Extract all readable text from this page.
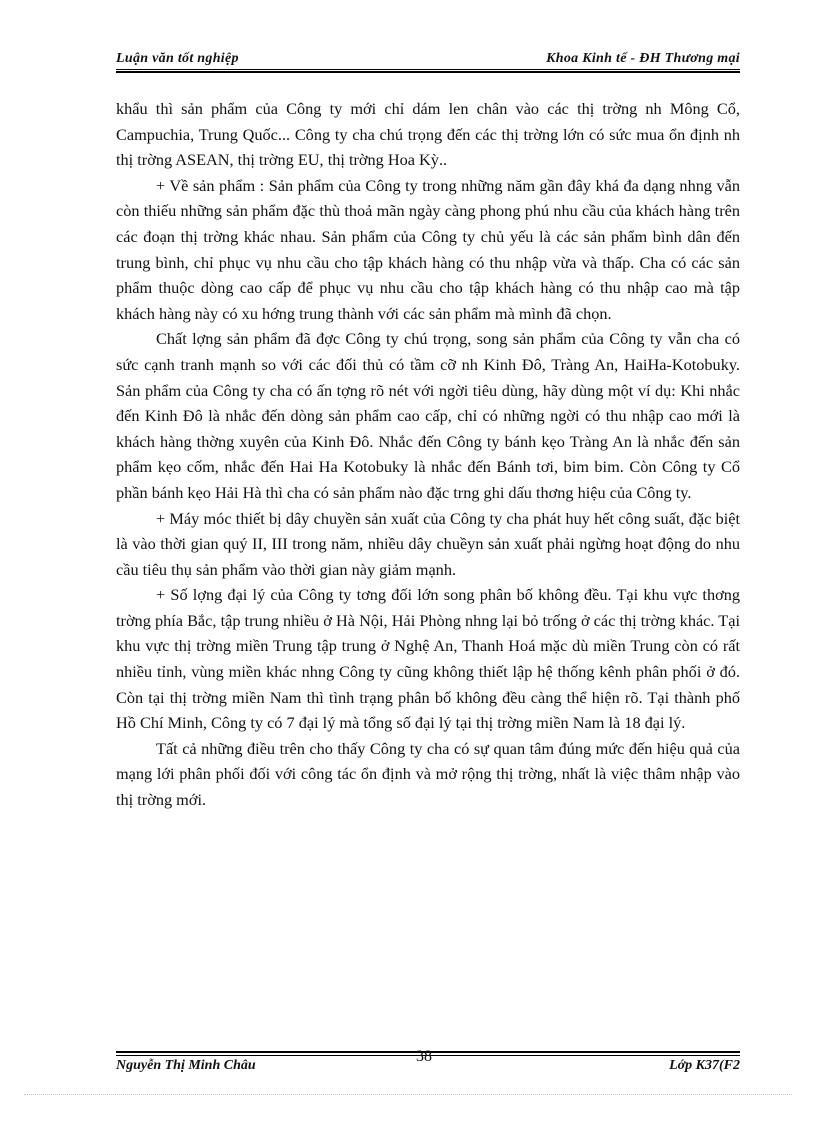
Luận văn tốt nghiệp	Khoa Kinh tế - ĐH Thương mại

khẩu thì sản phẩm của Công ty mới chỉ dám len chân vào các thị trờng nh Mông Cổ, Campuchia, Trung Quốc... Công ty cha chú trọng đến các thị trờng lớn có sức mua ổn định nh thị trờng ASEAN, thị trờng EU, thị trờng Hoa Kỳ..

+ Về sản phẩm : Sản phẩm của Công ty trong những năm gần đây khá đa dạng nhng vẫn còn thiếu những sản phẩm đặc thù thoả mãn ngày càng phong phú nhu cầu của khách hàng trên các đoạn thị trờng khác nhau. Sản phẩm của Công ty chủ yếu là các sản phẩm bình dân đến trung bình, chỉ phục vụ nhu cầu cho tập khách hàng có thu nhập vừa và thấp. Cha có các sản phẩm thuộc dòng cao cấp để phục vụ nhu cầu cho tập khách hàng có thu nhập cao mà tập khách hàng này có xu hớng trung thành với các sản phẩm mà mình đã chọn.

Chất lợng sản phẩm đã đợc Công ty chú trọng, song sản phẩm của Công ty vẫn cha có sức cạnh tranh mạnh so với các đối thủ có tầm cỡ nh Kinh Đô, Tràng An, HaiHa-Kotobuky. Sản phẩm của Công ty cha có ấn tợng rõ nét với ngời tiêu dùng, hãy dùng một ví dụ: Khi nhắc đến Kinh Đô là nhắc đến dòng sản phẩm cao cấp, chỉ có những ngời có thu nhập cao mới là khách hàng thờng xuyên của Kinh Đô. Nhắc đến Công ty bánh kẹo Tràng An là nhắc đến sản phẩm kẹo cốm, nhắc đến Hai Ha Kotobuky là nhắc đến Bánh tơi, bim bim. Còn Công ty Cổ phần bánh kẹo Hải Hà thì cha có sản phẩm nào đặc trng ghi dấu thơng hiệu của Công ty.

+ Máy móc thiết bị dây chuyền sản xuất của Công ty cha phát huy hết công suất, đặc biệt là vào thời gian quý II, III trong năm, nhiều dây chuềyn sản xuất phải ngừng hoạt động do nhu cầu tiêu thụ sản phẩm vào thời gian này giảm mạnh.

+ Số lợng đại lý của Công ty tơng đối lớn song phân bố không đều. Tại khu vực thơng trờng phía Bắc, tập trung nhiều ở Hà Nội, Hải Phòng nhng lại bỏ trống ở các thị trờng khác. Tại khu vực thị trờng miền Trung tập trung ở Nghệ An, Thanh Hoá mặc dù miền Trung còn có rất nhiều tỉnh, vùng miền khác nhng Công ty cũng không thiết lập hệ thống kênh phân phối ở đó. Còn tại thị trờng miền Nam thì tình trạng phân bố không đều càng thể hiện rõ. Tại thành phố Hồ Chí Minh, Công ty có 7 đại lý mà tổng số đại lý tại thị trờng miền Nam là 18 đại lý.

Tất cả những điều trên cho thấy Công ty cha có sự quan tâm đúng mức đến hiệu quả của mạng lới phân phối đối với công tác ổn định và mở rộng thị trờng, nhất là việc thâm nhập vào thị trờng mới.

Nguyễn Thị Minh Châu
38
Lớp K37(F2
